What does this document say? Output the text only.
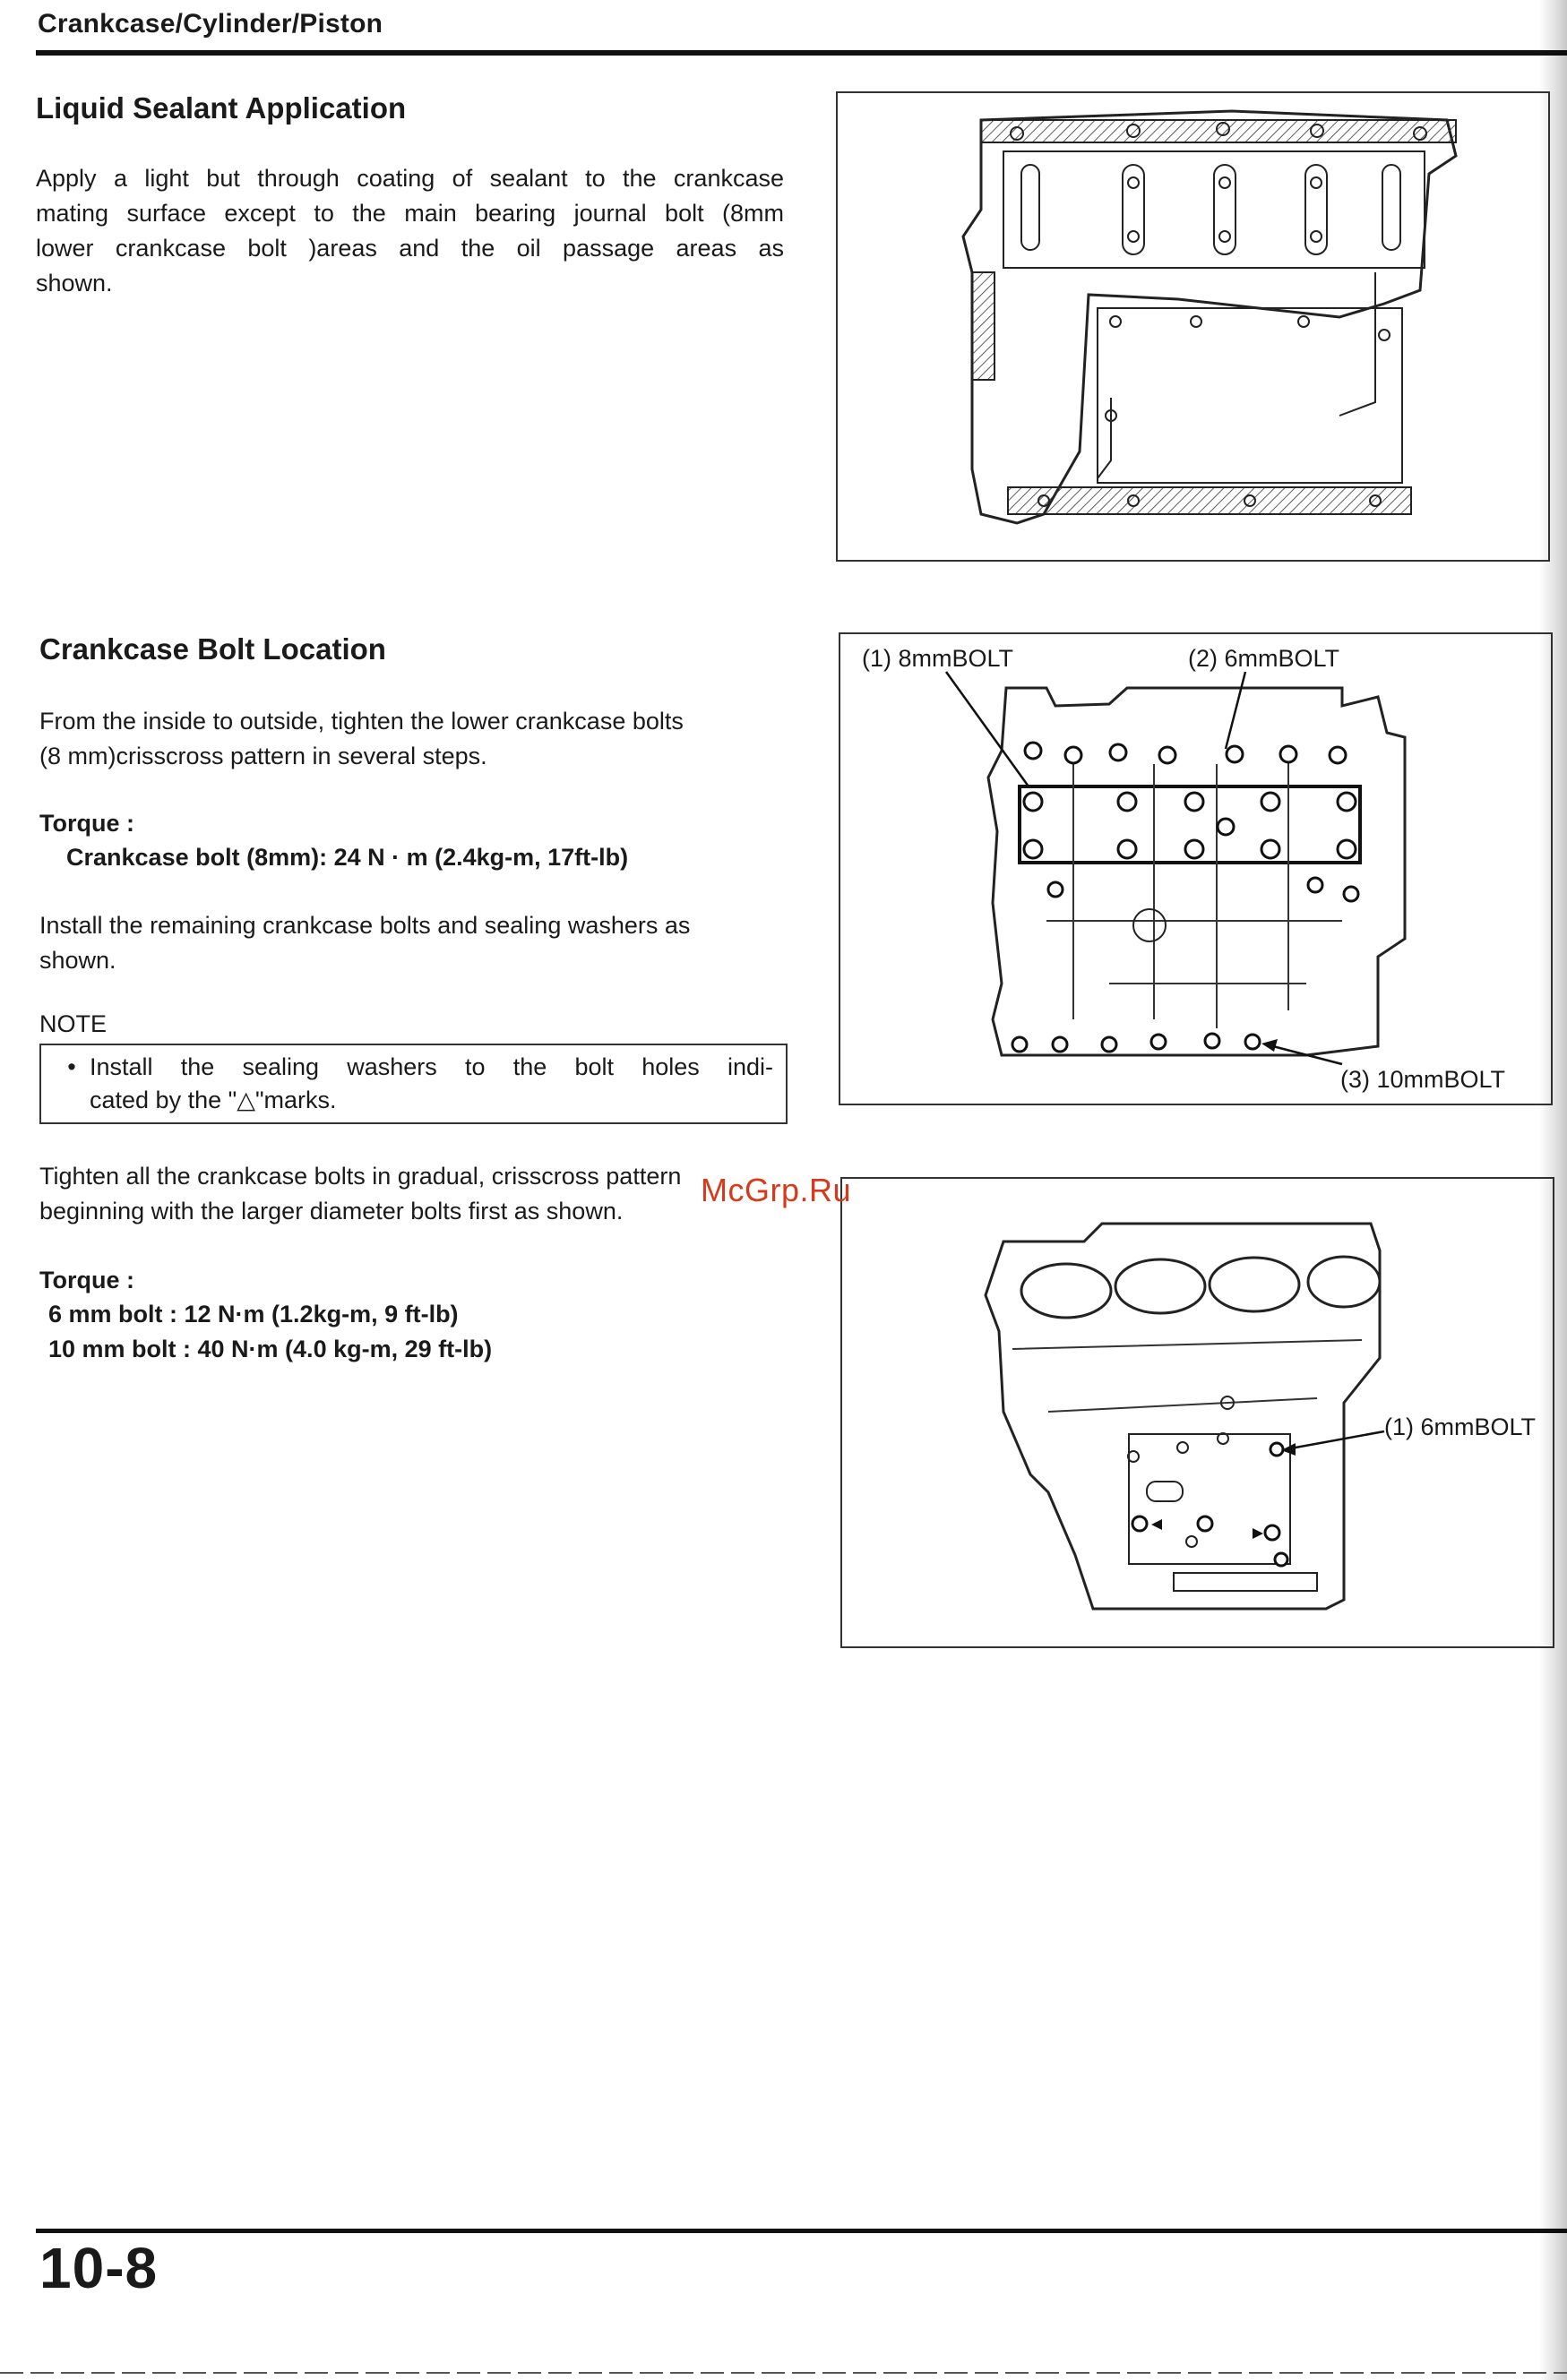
Crankcase/Cylinder/Piston
Liquid Sealant Application
Apply a light but through coating of sealant to the crankcase
mating surface except to the main bearing journal bolt (8mm
lower crankcase bolt )areas and the oil passage areas as
shown.
Crankcase Bolt Location
From the inside to outside, tighten the lower crankcase bolts
(8 mm)crisscross pattern in several steps.
Torque :
Crankcase bolt (8mm): 24 N · m (2.4kg-m, 17ft-lb)
Install the remaining crankcase bolts and sealing washers as
shown.
NOTE
• Install the sealing washers to the bolt holes indi-
cated by the "△"marks.
Tighten all the crankcase bolts in gradual, crisscross pattern
beginning with the larger diameter bolts first as shown.
Torque :
6 mm bolt : 12 N·m (1.2kg-m, 9 ft-lb)
10 mm bolt : 40 N·m (4.0 kg-m, 29 ft-lb)
(1) 8mmBOLT	(2) 6mmBOLT
(3) 10mmBOLT
(1) 6mmBOLT
McGrp.Ru
10-8
